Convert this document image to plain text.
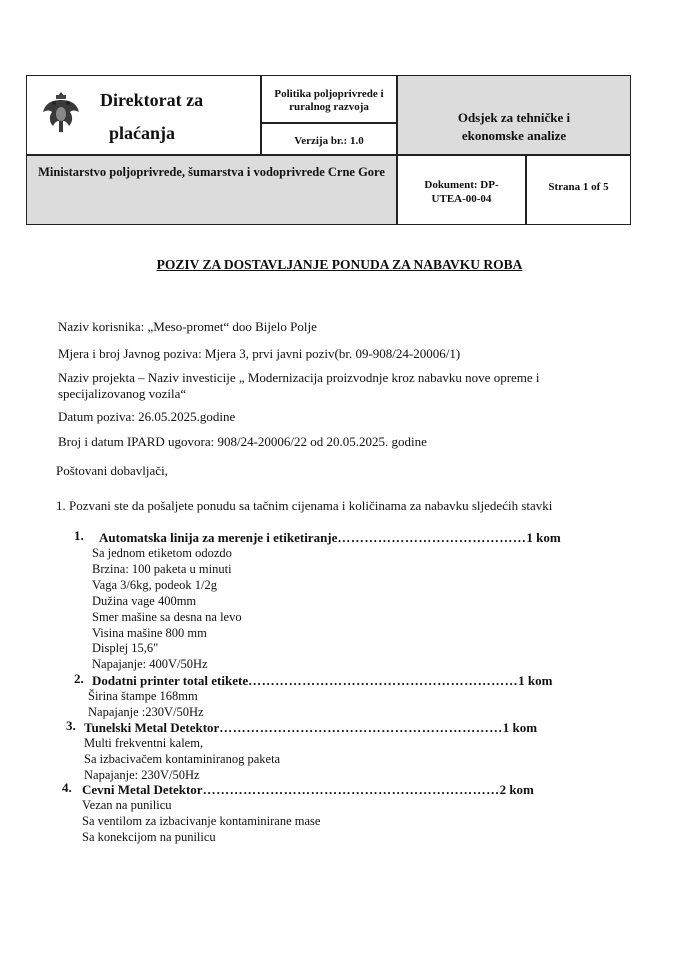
Direktorat za
plaćanja
Politika poljoprivrede i ruralnog razvoja
Verzija br.: 1.0
Odsjek za tehničke i ekonomske analize
Ministarstvo poljoprivrede, šumarstva i vodoprivrede Crne Gore
Dokument: DP-UTEA-00-04
Strana 1 of 5
POZIV ZA DOSTAVLJANJE PONUDA ZA NABAVKU ROBA
Naziv korisnika: „Meso-promet“ doo Bijelo Polje
Mjera i broj Javnog poziva: Mjera 3, prvi javni poziv(br. 09-908/24-20006/1)
Naziv projekta – Naziv investicije „ Modernizacija proizvodnje kroz nabavku nove opreme i
specijalizovanog vozila“
Datum poziva: 26.05.2025.godine
Broj i datum IPARD ugovora: 908/24-20006/22 od 20.05.2025. godine
Poštovani dobavljači,
1. Pozvani ste da pošaljete ponudu sa tačnim cijenama i količinama za nabavku sljedećih stavki
1. Automatska linija za merenje i etiketiranje……………………………………1 kom
Sa jednom etiketom odozdo
Brzina: 100 paketa u minuti
Vaga 3/6kg, podeok 1/2g
Dužina vage 400mm
Smer mašine sa desna na levo
Visina mašine 800 mm
Displej 15,6"
Napajanje: 400V/50Hz
2. Dodatni printer total etikete……………………………………………………1 kom
Širina štampe 168mm
Napajanje :230V/50Hz
3. Tunelski Metal Detektor………………………………………………………1 kom
Multi frekventni kalem,
Sa izbacivačem kontaminiranog paketa
Napajanje: 230V/50Hz
4. Cevni Metal Detektor…………………………………………………………2 kom
Vezan na punilicu
Sa ventilom za izbacivanje kontaminirane mase
Sa konekcijom na punilicu
